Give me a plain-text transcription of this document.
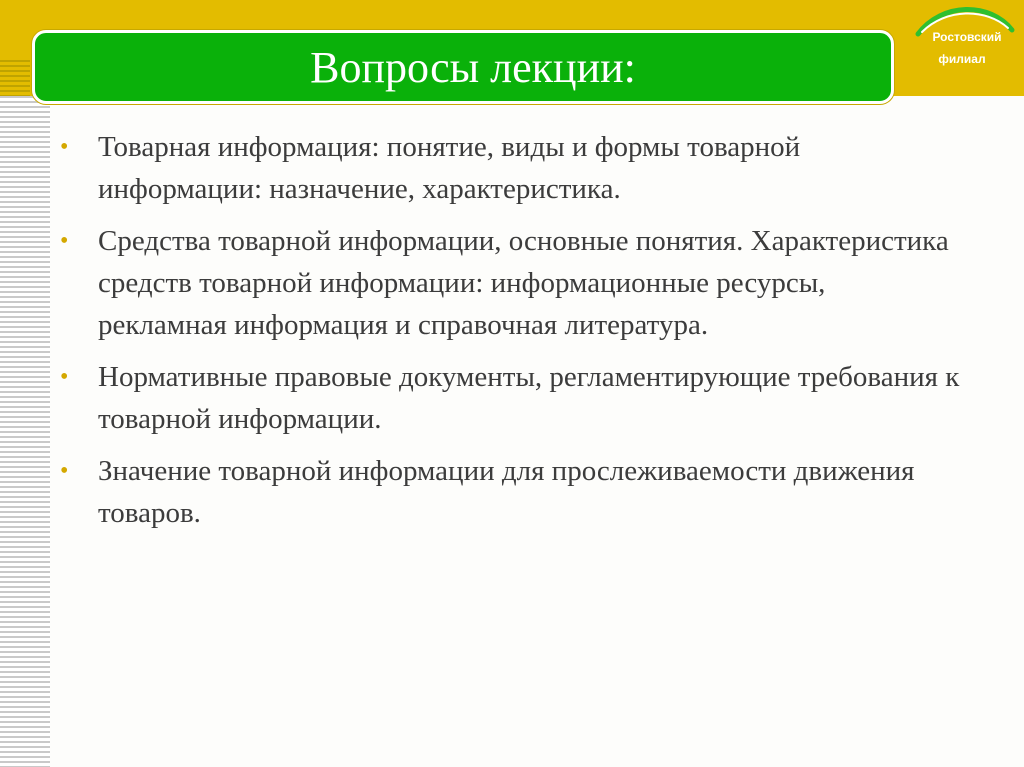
Вопросы лекции:
Ростовский
филиал
• Товарная информация: понятие, виды и формы товарной информации: назначение, характеристика.
• Средства товарной информации, основные понятия. Характеристика средств товарной информации: информационные ресурсы, рекламная информация и справочная литература.
• Нормативные правовые документы, регламентирующие требования к товарной информации.
• Значение товарной информации для прослеживаемости движения товаров.
